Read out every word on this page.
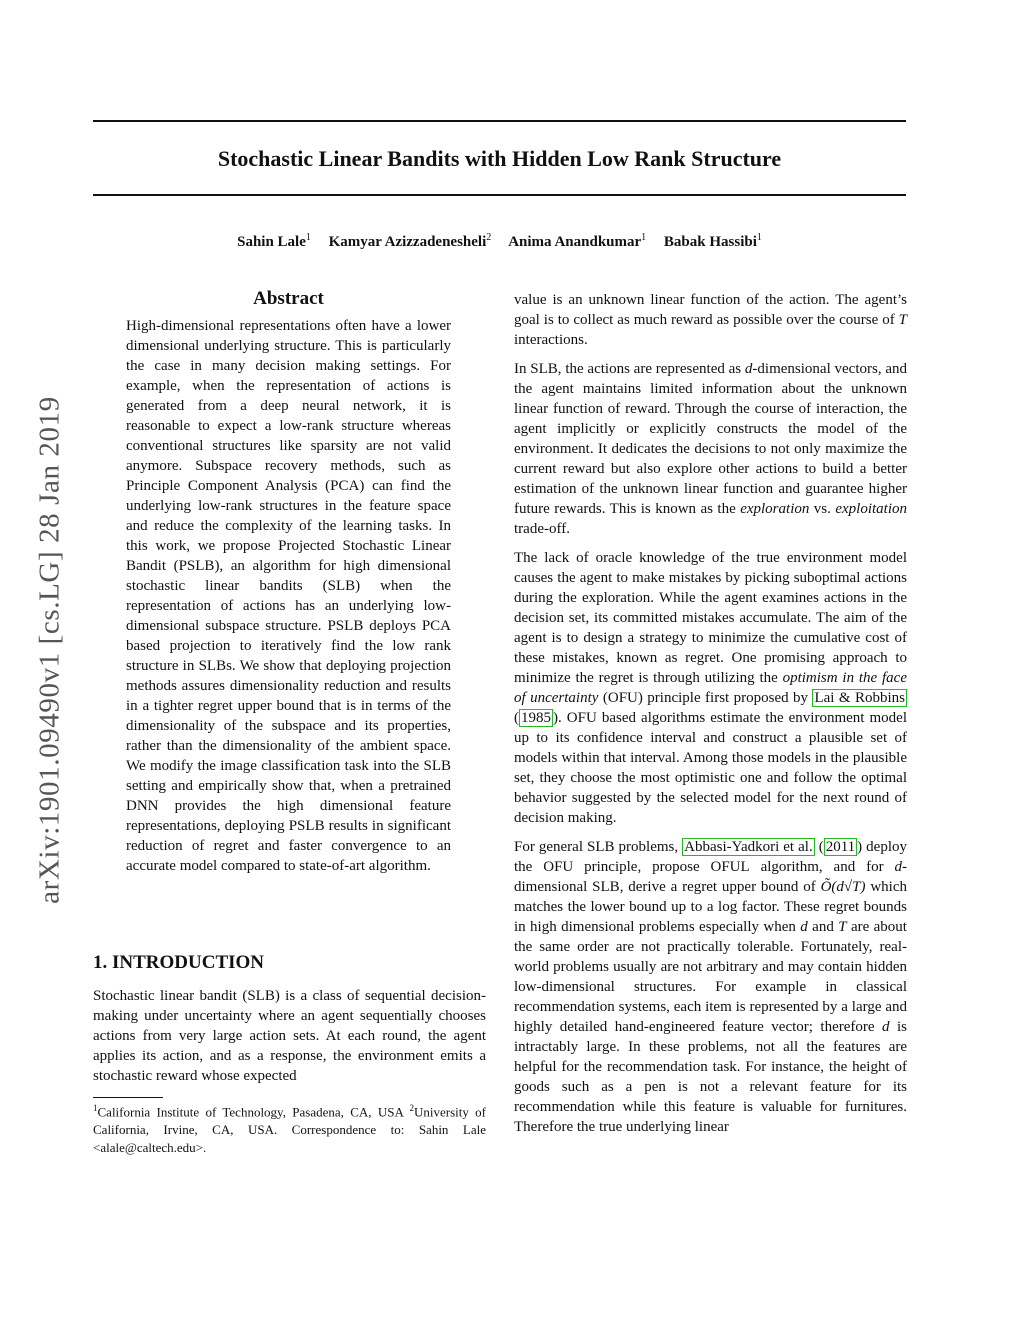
Stochastic Linear Bandits with Hidden Low Rank Structure
Sahin Lale$^1$ Kamyar Azizzadenesheli$^2$ Anima Anandkumar$^1$ Babak Hassibi$^1$
arXiv:1901.09490v1 [cs.LG] 28 Jan 2019
Abstract

High-dimensional representations often have a lower dimensional underlying structure. This is particularly the case in many decision making settings. For example, when the representation of actions is generated from a deep neural network, it is reasonable to expect a low-rank structure whereas conventional structures like sparsity are not valid anymore. Subspace recovery methods, such as Principle Component Analysis (PCA) can find the underlying low-rank structures in the feature space and reduce the complexity of the learning tasks. In this work, we propose Projected Stochastic Linear Bandit (PSLB), an algorithm for high dimensional stochastic linear bandits (SLB) when the representation of actions has an underlying low-dimensional subspace structure. PSLB deploys PCA based projection to iteratively find the low rank structure in SLBs. We show that deploying projection methods assures dimensionality reduction and results in a tighter regret upper bound that is in terms of the dimensionality of the subspace and its properties, rather than the dimensionality of the ambient space. We modify the image classification task into the SLB setting and empirically show that, when a pretrained DNN provides the high dimensional feature representations, deploying PSLB results in significant reduction of regret and faster convergence to an accurate model compared to state-of-art algorithm.

1. INTRODUCTION

Stochastic linear bandit (SLB) is a class of sequential decision-making under uncertainty where an agent sequentially chooses actions from very large action sets. At each round, the agent applies its action, and as a response, the environment emits a stochastic reward whose expected

$^1$California Institute of Technology, Pasadena, CA, USA $^2$University of California, Irvine, CA, USA. Correspondence to: Sahin Lale <alale@caltech.edu>.

value is an unknown linear function of the action. The agent’s goal is to collect as much reward as possible over the course of T interactions.

In SLB, the actions are represented as d-dimensional vectors, and the agent maintains limited information about the unknown linear function of reward. Through the course of interaction, the agent implicitly or explicitly constructs the model of the environment. It dedicates the decisions to not only maximize the current reward but also explore other actions to build a better estimation of the unknown linear function and guarantee higher future rewards. This is known as the exploration vs. exploitation trade-off.

The lack of oracle knowledge of the true environment model causes the agent to make mistakes by picking suboptimal actions during the exploration. While the agent examines actions in the decision set, its committed mistakes accumulate. The aim of the agent is to design a strategy to minimize the cumulative cost of these mistakes, known as regret. One promising approach to minimize the regret is through utilizing the optimism in the face of uncertainty (OFU) principle first proposed by Lai & Robbins ( 1985 ). OFU based algorithms estimate the environment model up to its confidence interval and construct a plausible set of models within that interval. Among those models in the plausible set, they choose the most optimistic one and follow the optimal behavior suggested by the selected model for the next round of decision making.

For general SLB problems, Abbasi-Yadkori et al. ( 2011 ) deploy the OFU principle, propose OFUL algorithm, and for d-dimensional SLB, derive a regret upper bound of Õ(d√T) which matches the lower bound up to a log factor. These regret bounds in high dimensional problems especially when d and T are about the same order are not practically tolerable. Fortunately, real-world problems usually are not arbitrary and may contain hidden low-dimensional structures. For example in classical recommendation systems, each item is represented by a large and highly detailed hand-engineered feature vector; therefore d is intractably large. In these problems, not all the features are helpful for the recommendation task. For instance, the height of goods such as a pen is not a relevant feature for its recommendation while this feature is valuable for furnitures. Therefore the true underlying linear
